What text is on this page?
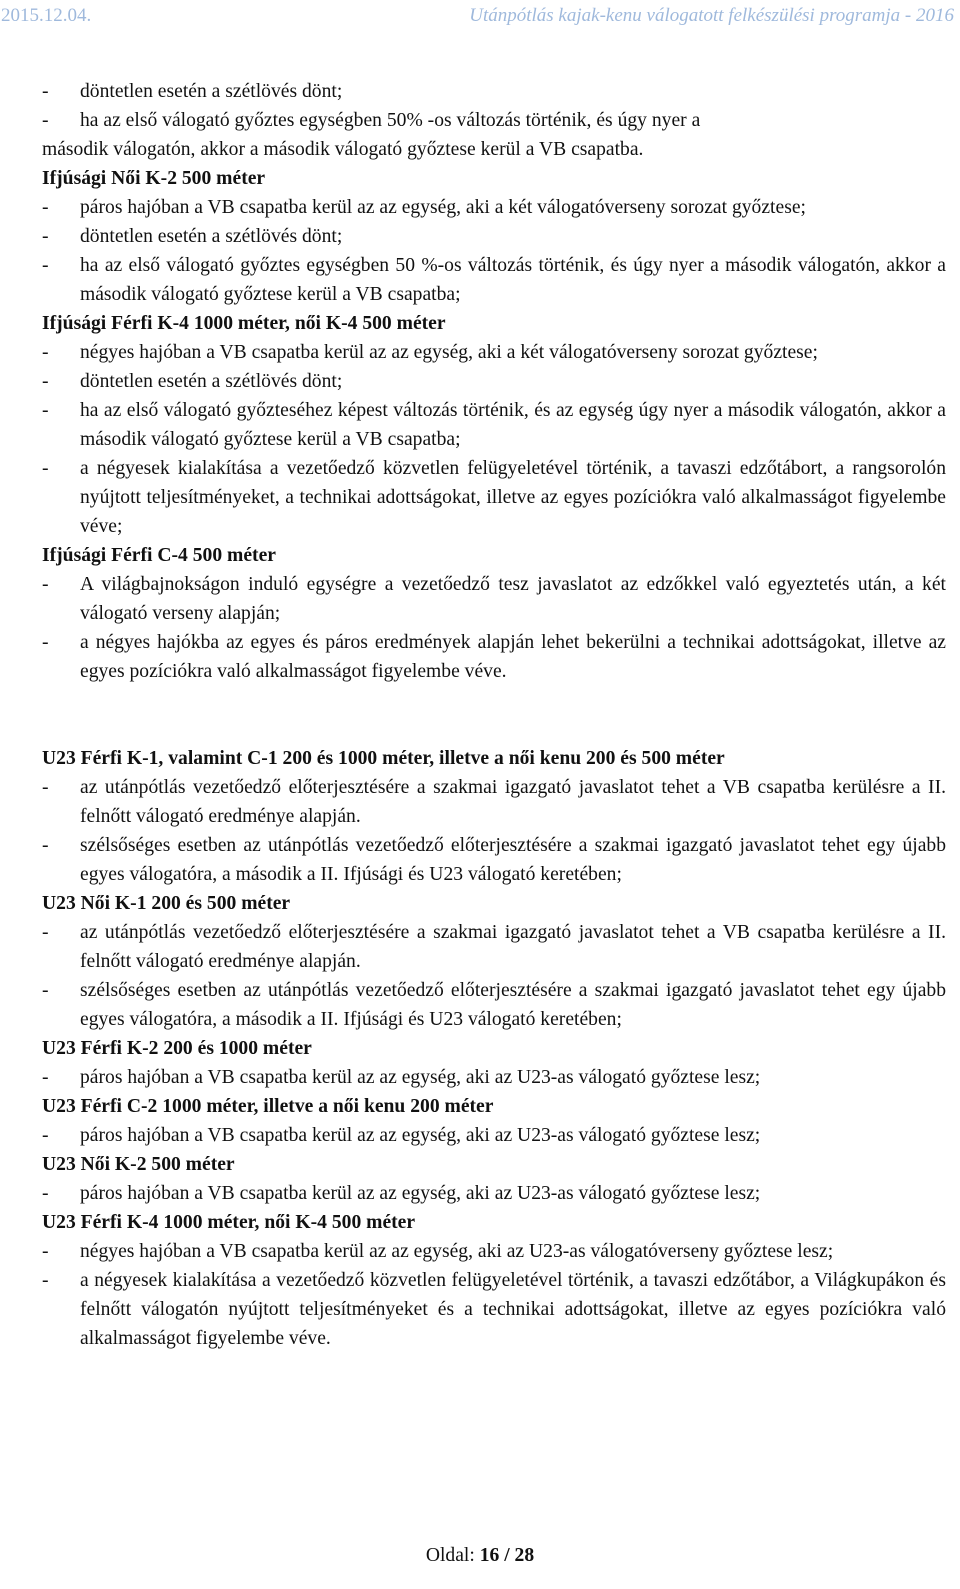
2015.12.04.	Utánpótlás kajak-kenu válogatott felkészülési programja - 2016
- döntetlen esetén a szétlövés dönt;
- ha az első válogató győztes egységben 50% -os változás történik, és úgy nyer a
második válogatón, akkor a második válogató győztese kerül a VB csapatba.
Ifjúsági Női K-2 500 méter
- páros hajóban a VB csapatba kerül az az egység, aki a két válogatóverseny sorozat győztese;
- döntetlen esetén a szétlövés dönt;
- ha az első válogató győztes egységben 50 %-os változás történik, és úgy nyer a második válogatón, akkor a második válogató győztese kerül a VB csapatba;
Ifjúsági Férfi K-4 1000 méter, női K-4 500 méter
- négyes hajóban a VB csapatba kerül az az egység, aki a két válogatóverseny sorozat győztese;
- döntetlen esetén a szétlövés dönt;
- ha az első válogató győzteséhez képest változás történik, és az egység úgy nyer a második válogatón, akkor a második válogató győztese kerül a VB csapatba;
- a négyesek kialakítása a vezetőedző közvetlen felügyeletével történik, a tavaszi edzőtábort, a rangsorolón nyújtott teljesítményeket, a technikai adottságokat, illetve az egyes pozíciókra való alkalmasságot figyelembe véve;
Ifjúsági Férfi C-4 500 méter
- A világbajnokságon induló egységre a vezetőedző tesz javaslatot az edzőkkel való egyeztetés után, a két válogató verseny alapján;
- a négyes hajókba az egyes és páros eredmények alapján lehet bekerülni a technikai adottságokat, illetve az egyes pozíciókra való alkalmasságot figyelembe véve.
U23 Férfi K-1, valamint C-1 200 és 1000 méter, illetve a női kenu 200 és 500 méter
- az utánpótlás vezetőedző előterjesztésére a szakmai igazgató javaslatot tehet a VB csapatba kerülésre a II. felnőtt válogató eredménye alapján.
- szélsőséges esetben az utánpótlás vezetőedző előterjesztésére a szakmai igazgató javaslatot tehet egy újabb egyes válogatóra, a második a II. Ifjúsági és U23 válogató keretében;
U23 Női K-1 200 és 500 méter
- az utánpótlás vezetőedző előterjesztésére a szakmai igazgató javaslatot tehet a VB csapatba kerülésre a II. felnőtt válogató eredménye alapján.
- szélsőséges esetben az utánpótlás vezetőedző előterjesztésére a szakmai igazgató javaslatot tehet egy újabb egyes válogatóra, a második a II. Ifjúsági és U23 válogató keretében;
U23 Férfi K-2 200 és 1000 méter
- páros hajóban a VB csapatba kerül az az egység, aki az U23-as válogató győztese lesz;
U23 Férfi C-2 1000 méter, illetve a női kenu 200 méter
- páros hajóban a VB csapatba kerül az az egység, aki az U23-as válogató győztese lesz;
U23 Női K-2 500 méter
- páros hajóban a VB csapatba kerül az az egység, aki az U23-as válogató győztese lesz;
U23 Férfi K-4 1000 méter, női K-4 500 méter
- négyes hajóban a VB csapatba kerül az az egység, aki az U23-as válogatóverseny győztese lesz;
- a négyesek kialakítása a vezetőedző közvetlen felügyeletével történik, a tavaszi edzőtábor, a Világkupákon és felnőtt válogatón nyújtott teljesítményeket és a technikai adottságokat, illetve az egyes pozíciókra való alkalmasságot figyelembe véve.
Oldal: 16 / 28
